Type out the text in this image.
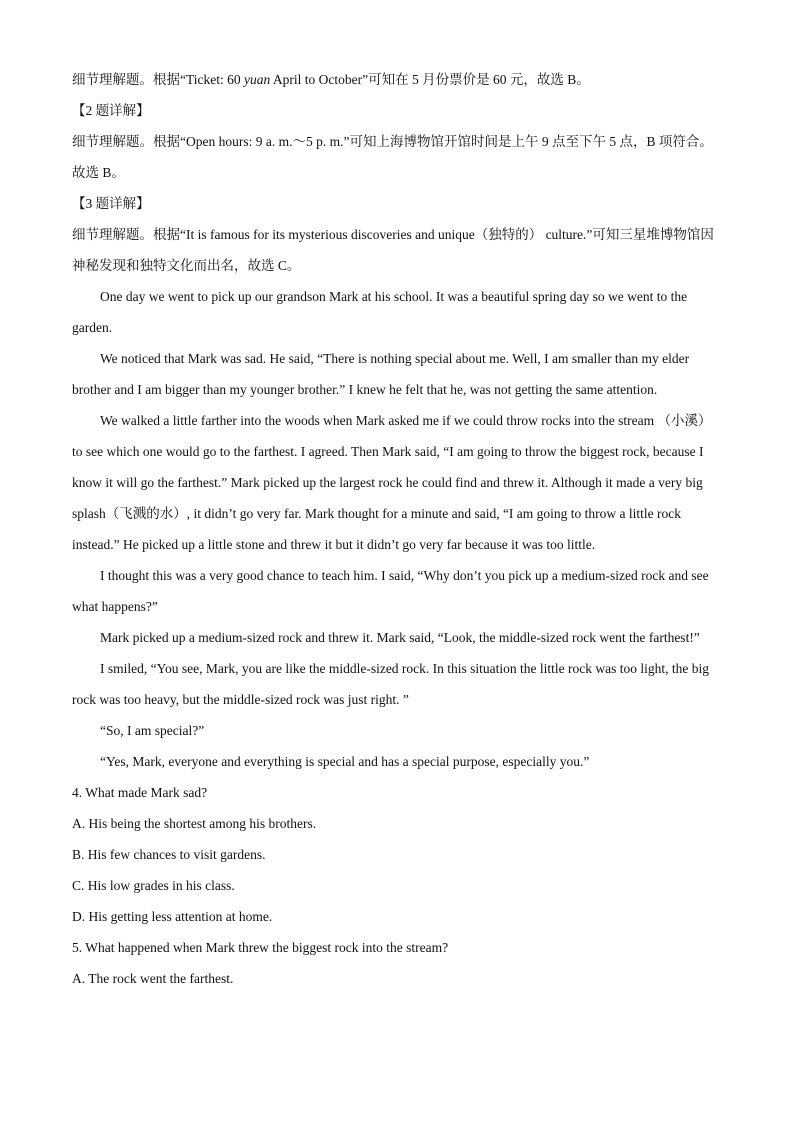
细节理解题。根据“Ticket: 60 yuan April to October”可知在 5 月份票价是 60 元，故选 B。
【2 题详解】
细节理解题。根据“Open hours: 9 a. m.～5 p. m.”可知上海博物馆开馆时间是上午 9 点至下午 5 点，B 项符合。故选 B。
【3 题详解】
细节理解题。根据“It is famous for its mysterious discoveries and unique（独特的） culture.”可知三星堆博物馆因神秘发现和独特文化而出名，故选 C。
One day we went to pick up our grandson Mark at his school. It was a beautiful spring day so we went to the garden.
We noticed that Mark was sad. He said, “There is nothing special about me. Well, I am smaller than my elder brother and I am bigger than my younger brother.” I knew he felt that he, was not getting the same attention.
We walked a little farther into the woods when Mark asked me if we could throw rocks into the stream （小溪） to see which one would go to the farthest. I agreed. Then Mark said, “I am going to throw the biggest rock, because I know it will go the farthest.” Mark picked up the largest rock he could find and threw it. Although it made a very big splash（飞溅的水）, it didn’t go very far. Mark thought for a minute and said, “I am going to throw a little rock instead.” He picked up a little stone and threw it but it didn’t go very far because it was too little.
I thought this was a very good chance to teach him. I said, “Why don’t you pick up a medium-sized rock and see what happens?”
Mark picked up a medium-sized rock and threw it. Mark said, “Look, the middle-sized rock went the farthest!”
I smiled, “You see, Mark, you are like the middle-sized rock. In this situation the little rock was too light, the big rock was too heavy, but the middle-sized rock was just right. ”
“So, I am special?”
“Yes, Mark, everyone and everything is special and has a special purpose, especially you.”
4. What made Mark sad?
A. His being the shortest among his brothers.
B. His few chances to visit gardens.
C. His low grades in his class.
D. His getting less attention at home.
5. What happened when Mark threw the biggest rock into the stream?
A. The rock went the farthest.
